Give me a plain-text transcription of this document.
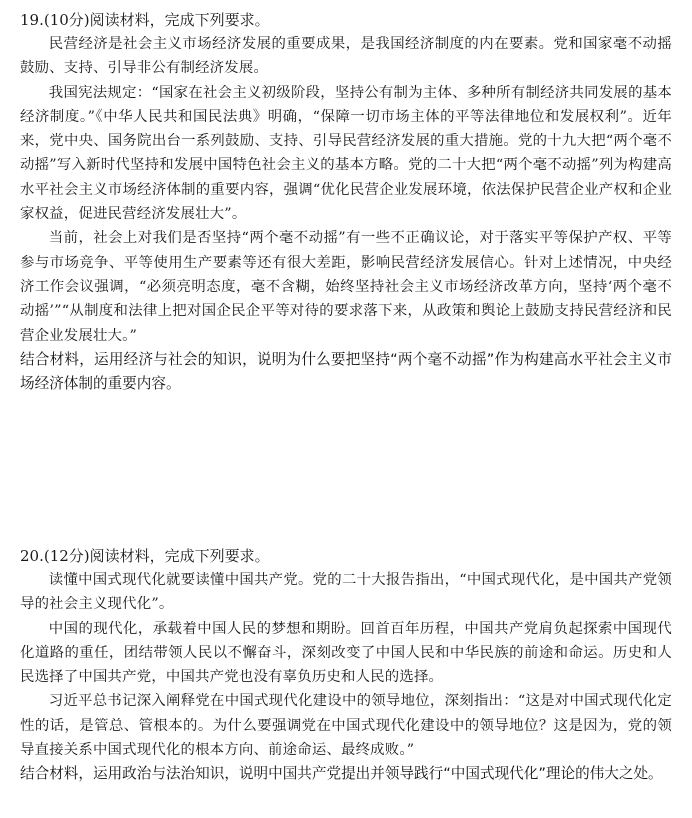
19.(10分)阅读材料，完成下列要求。

民营经济是社会主义市场经济发展的重要成果，是我国经济制度的内在要素。党和国家毫不动摇鼓励、支持、引导非公有制经济发展。

我国宪法规定：“国家在社会主义初级阶段，坚持公有制为主体、多种所有制经济共同发展的基本经济制度。”《中华人民共和国民法典》明确，“保障一切市场主体的平等法律地位和发展权利”。近年来，党中央、国务院出台一系列鼓励、支持、引导民营经济发展的重大措施。党的十九大把“两个毫不动摇”写入新时代坚持和发展中国特色社会主义的基本方略。党的二十大把“两个毫不动摇”列为构建高水平社会主义市场经济体制的重要内容，强调“优化民营企业发展环境，依法保护民营企业产权和企业家权益，促进民营经济发展壮大”。

当前，社会上对我们是否坚持“两个毫不动摇”有一些不正确议论，对于落实平等保护产权、平等参与市场竞争、平等使用生产要素等还有很大差距，影响民营经济发展信心。针对上述情况，中央经济工作会议强调，“必须亮明态度，毫不含糊，始终坚持社会主义市场经济改革方向，坚持‘两个毫不动摇’”“从制度和法律上把对国企民企平等对待的要求落下来，从政策和舆论上鼓励支持民营经济和民营企业发展壮大。”

结合材料，运用经济与社会的知识，说明为什么要把坚持“两个毫不动摇”作为构建高水平社会主义市场经济体制的重要内容。

20.(12分)阅读材料，完成下列要求。

读懂中国式现代化就要读懂中国共产党。党的二十大报告指出，“中国式现代化，是中国共产党领导的社会主义现代化”。

中国的现代化，承载着中国人民的梦想和期盼。回首百年历程，中国共产党肩负起探索中国现代化道路的重任，团结带领人民以不懈奋斗，深刻改变了中国人民和中华民族的前途和命运。历史和人民选择了中国共产党，中国共产党也没有辜负历史和人民的选择。

习近平总书记深入阐释党在中国式现代化建设中的领导地位，深刻指出：“这是对中国式现代化定性的话，是管总、管根本的。为什么要强调党在中国式现代化建设中的领导地位？这是因为，党的领导直接关系中国式现代化的根本方向、前途命运、最终成败。”

结合材料，运用政治与法治知识，说明中国共产党提出并领导践行“中国式现代化”理论的伟大之处。
